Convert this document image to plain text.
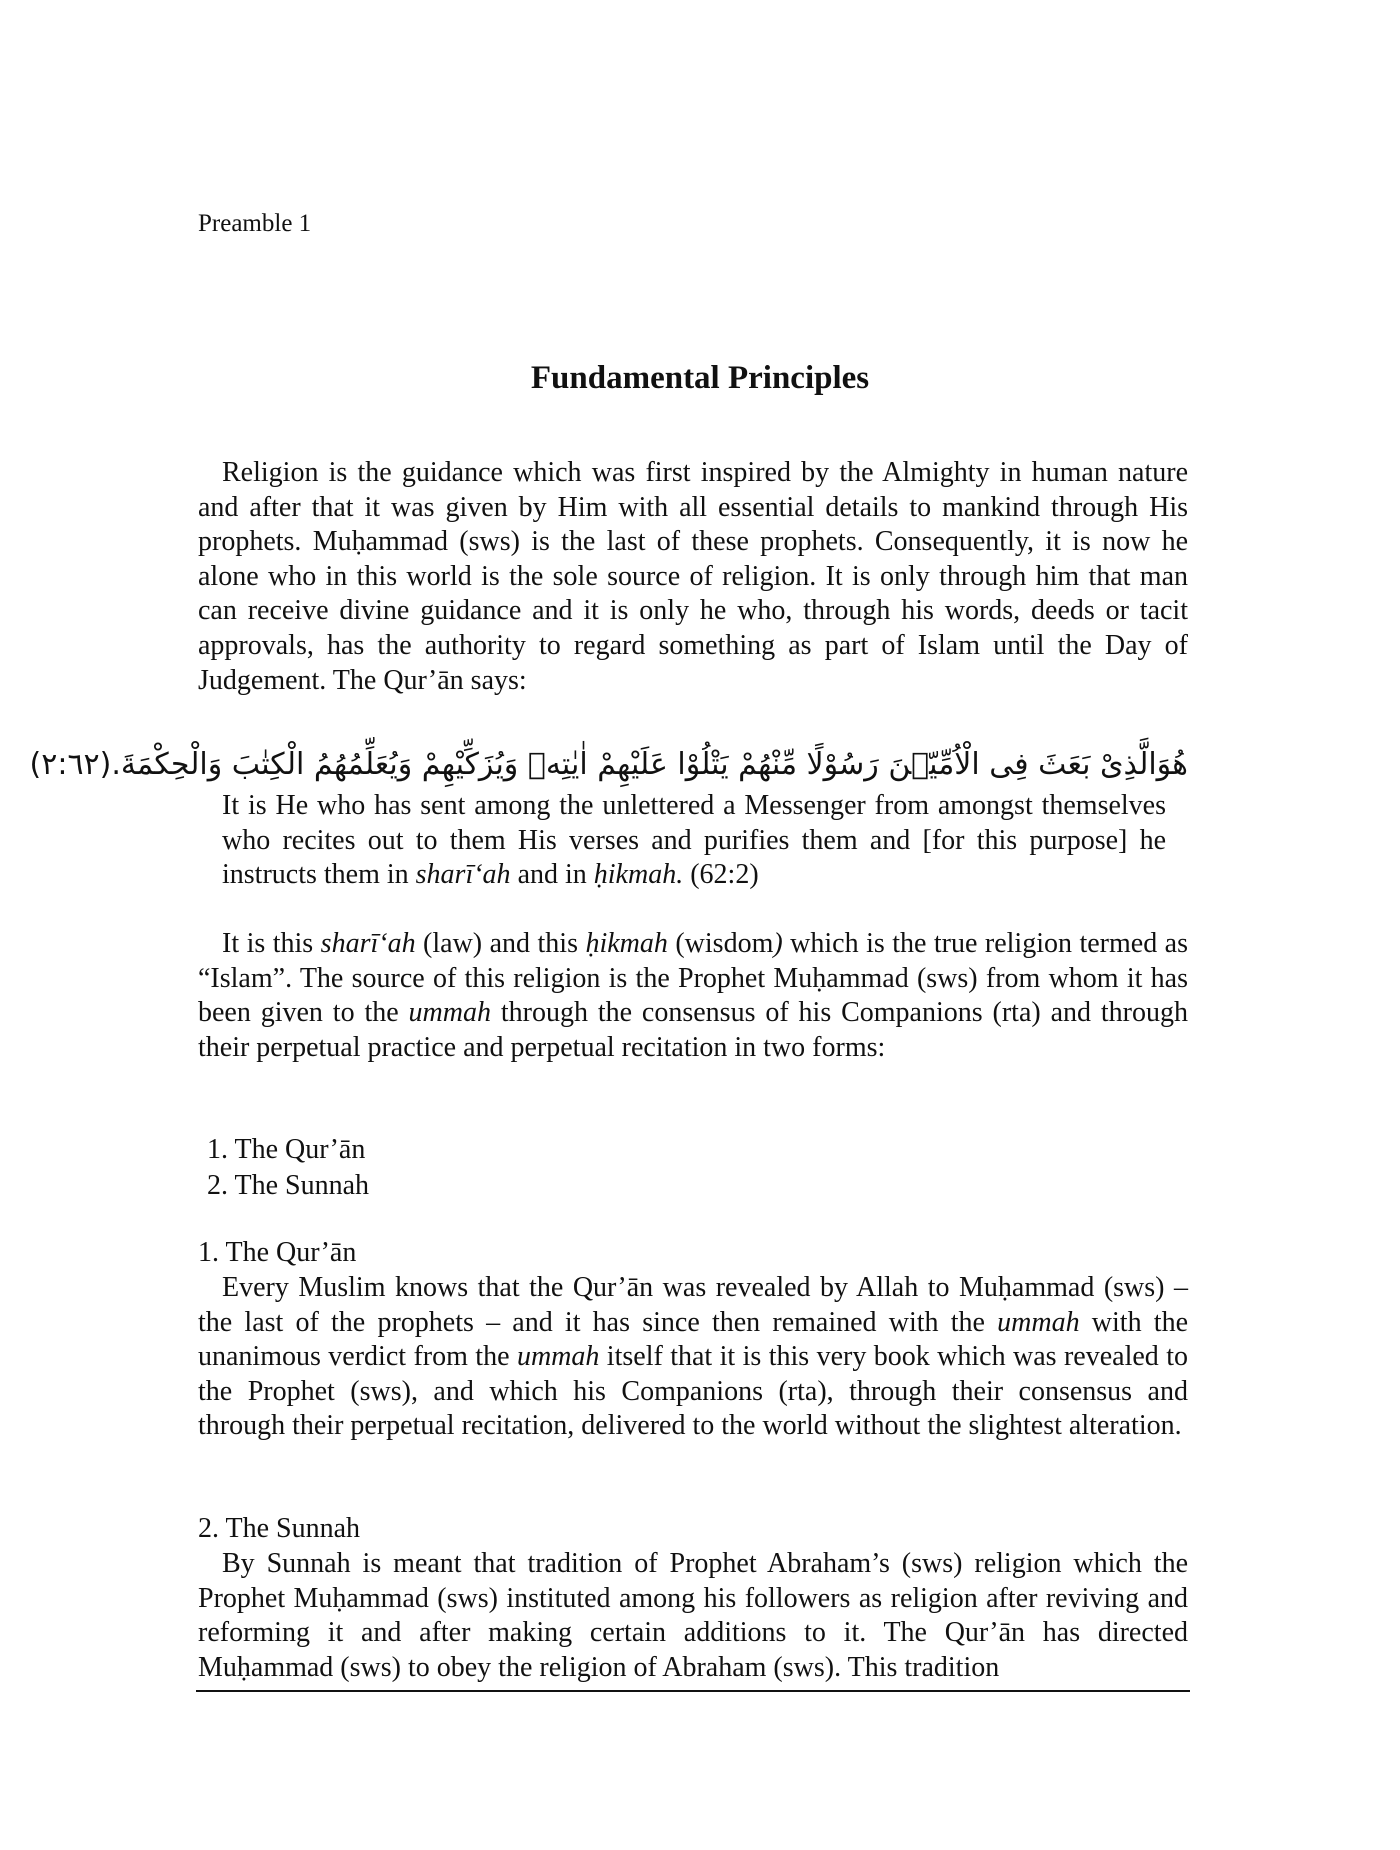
Preamble 1
Fundamental Principles

Religion is the guidance which was first inspired by the Almighty in human nature and after that it was given by Him with all essential details to mankind through His prophets. Muḥammad (sws) is the last of these prophets. Consequently, it is now he alone who in this world is the sole source of religion. It is only through him that man can receive divine guidance and it is only he who, through his words, deeds or tacit approvals, has the authority to regard something as part of Islam until the Day of Judgement. The Qur’ān says:

هُوَالَّذِىْ بَعَثَ فِى الْاُمِّيّٖنَ رَسُوْلًا مِّنْهُمْ يَتْلُوْا عَلَيْهِمْ اٰيٰتِهٖ وَيُزَكِّيْهِمْ وَيُعَلِّمُهُمُ الْكِتٰبَ وَالْحِكْمَةَ.(٢:٦٢)

It is He who has sent among the unlettered a Messenger from amongst themselves who recites out to them His verses and purifies them and [for this purpose] he instructs them in sharī‘ah and in ḥikmah. (62:2)

It is this sharī‘ah (law) and this ḥikmah (wisdom) which is the true religion termed as “Islam”. The source of this religion is the Prophet Muḥammad (sws) from whom it has been given to the ummah through the consensus of his Companions (rta) and through their perpetual practice and perpetual recitation in two forms:

1. The Qur’ān
2. The Sunnah
1. The Qur’ān

Every Muslim knows that the Qur’ān was revealed by Allah to Muḥammad (sws) – the last of the prophets – and it has since then remained with the ummah with the unanimous verdict from the ummah itself that it is this very book which was revealed to the Prophet (sws), and which his Companions (rta), through their consensus and through their perpetual recitation, delivered to the world without the slightest alteration.

2. The Sunnah

By Sunnah is meant that tradition of Prophet Abraham’s (sws) religion which the Prophet Muḥammad (sws) instituted among his followers as religion after reviving and reforming it and after making certain additions to it. The Qur’ān has directed Muḥammad (sws) to obey the religion of Abraham (sws). This tradition
